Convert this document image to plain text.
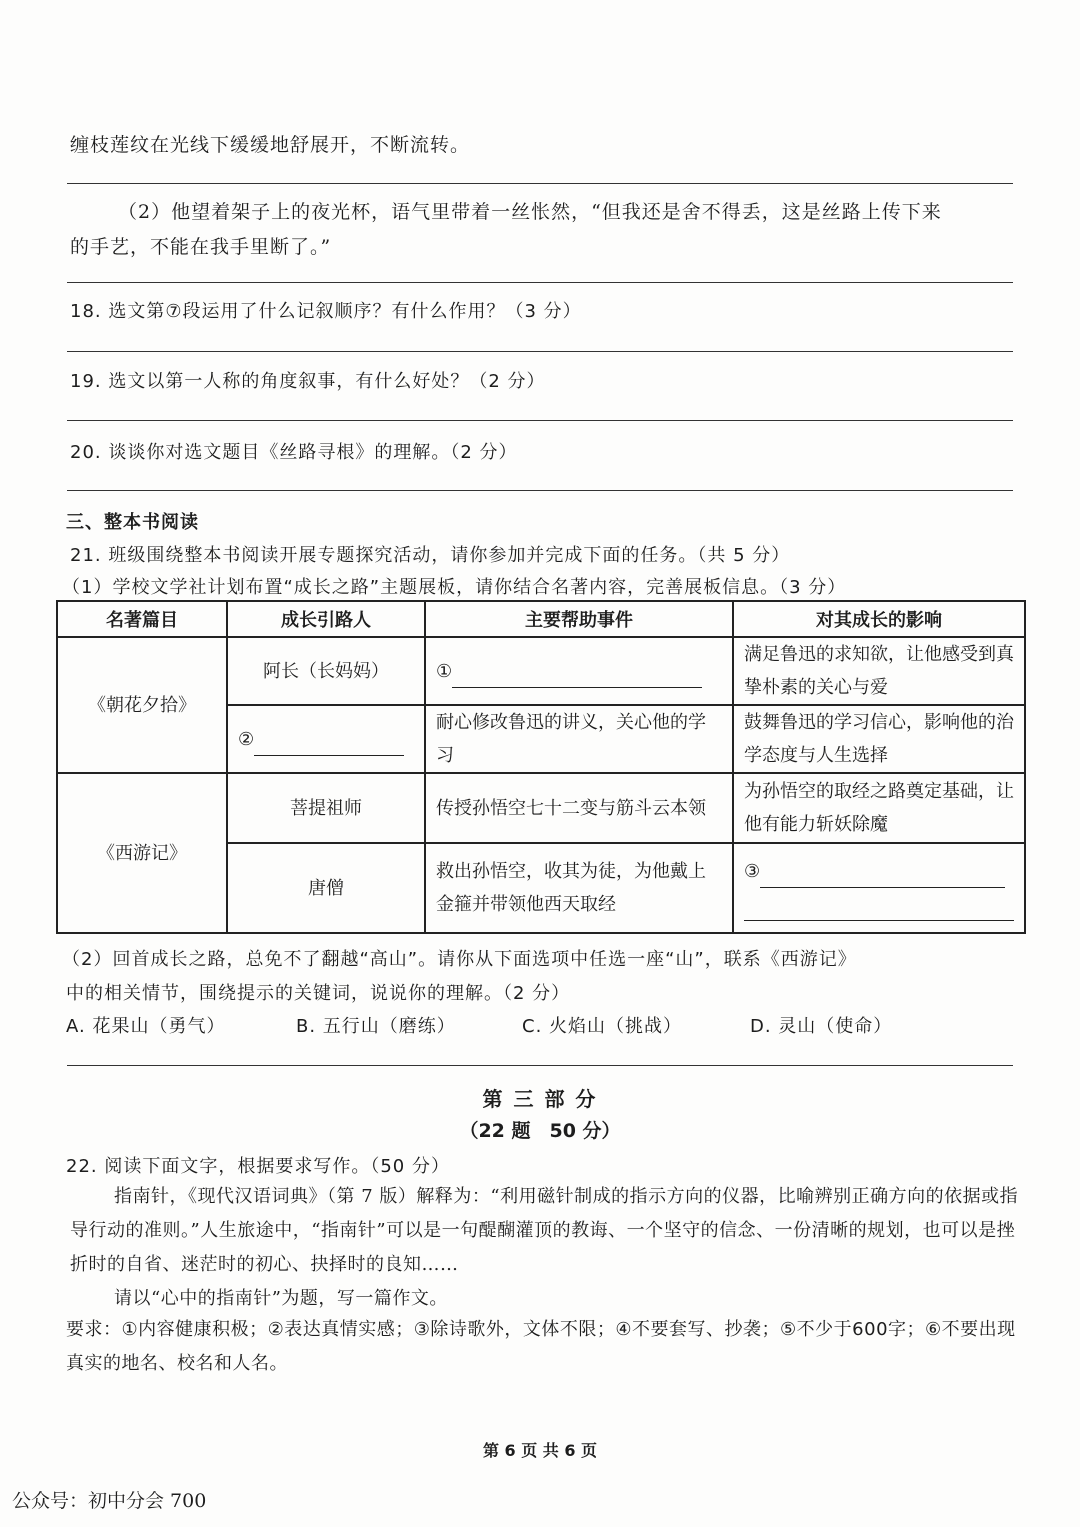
缠枝莲纹在光线下缓缓地舒展开，不断流转。
（2）他望着架子上的夜光杯，语气里带着一丝怅然，“但我还是舍不得丢，这是丝路上传下来
的手艺，不能在我手里断了。”
18. 选文第⑦段运用了什么记叙顺序？有什么作用？（3 分）
19. 选文以第一人称的角度叙事，有什么好处？（2 分）
20. 谈谈你对选文题目《丝路寻根》的理解。（2 分）
三、整本书阅读
21. 班级围绕整本书阅读开展专题探究活动，请你参加并完成下面的任务。（共 5 分）
（1）学校文学社计划布置“成长之路”主题展板，请你结合名著内容，完善展板信息。（3 分）
名著篇目	成长引路人	主要帮助事件	对其成长的影响
《朝花夕拾》	阿长（长妈妈）	①	满足鲁迅的求知欲，让他感受到真挚朴素的关心与爱
	②	耐心修改鲁迅的讲义，关心他的学习	鼓舞鲁迅的学习信心，影响他的治学态度与人生选择
《西游记》	菩提祖师	传授孙悟空七十二变与筋斗云本领	为孙悟空的取经之路奠定基础，让他有能力斩妖除魔
	唐僧	救出孙悟空，收其为徒，为他戴上金箍并带领他西天取经	③
（2）回首成长之路，总免不了翻越“高山”。请你从下面选项中任选一座“山”，联系《西游记》
中的相关情节，围绕提示的关键词，说说你的理解。（2 分）
A. 花果山（勇气）	B. 五行山（磨练）	C. 火焰山（挑战）	D. 灵山（使命）
第 三 部 分
（22 题　50 分）
22. 阅读下面文字，根据要求写作。（50 分）
指南针，《现代汉语词典》（第 7 版）解释为：“利用磁针制成的指示方向的仪器，比喻辨别正确方向的依据或指导行动的准则。”人生旅途中，“指南针”可以是一句醍醐灌顶的教诲、一个坚守的信念、一份清晰的规划，也可以是挫折时的自省、迷茫时的初心、抉择时的良知……
请以“心中的指南针”为题，写一篇作文。
要求：①内容健康积极；②表达真情实感；③除诗歌外，文体不限；④不要套写、抄袭；⑤不少于600字；⑥不要出现真实的地名、校名和人名。
第 6 页 共 6 页
公众号：初中分会 700
